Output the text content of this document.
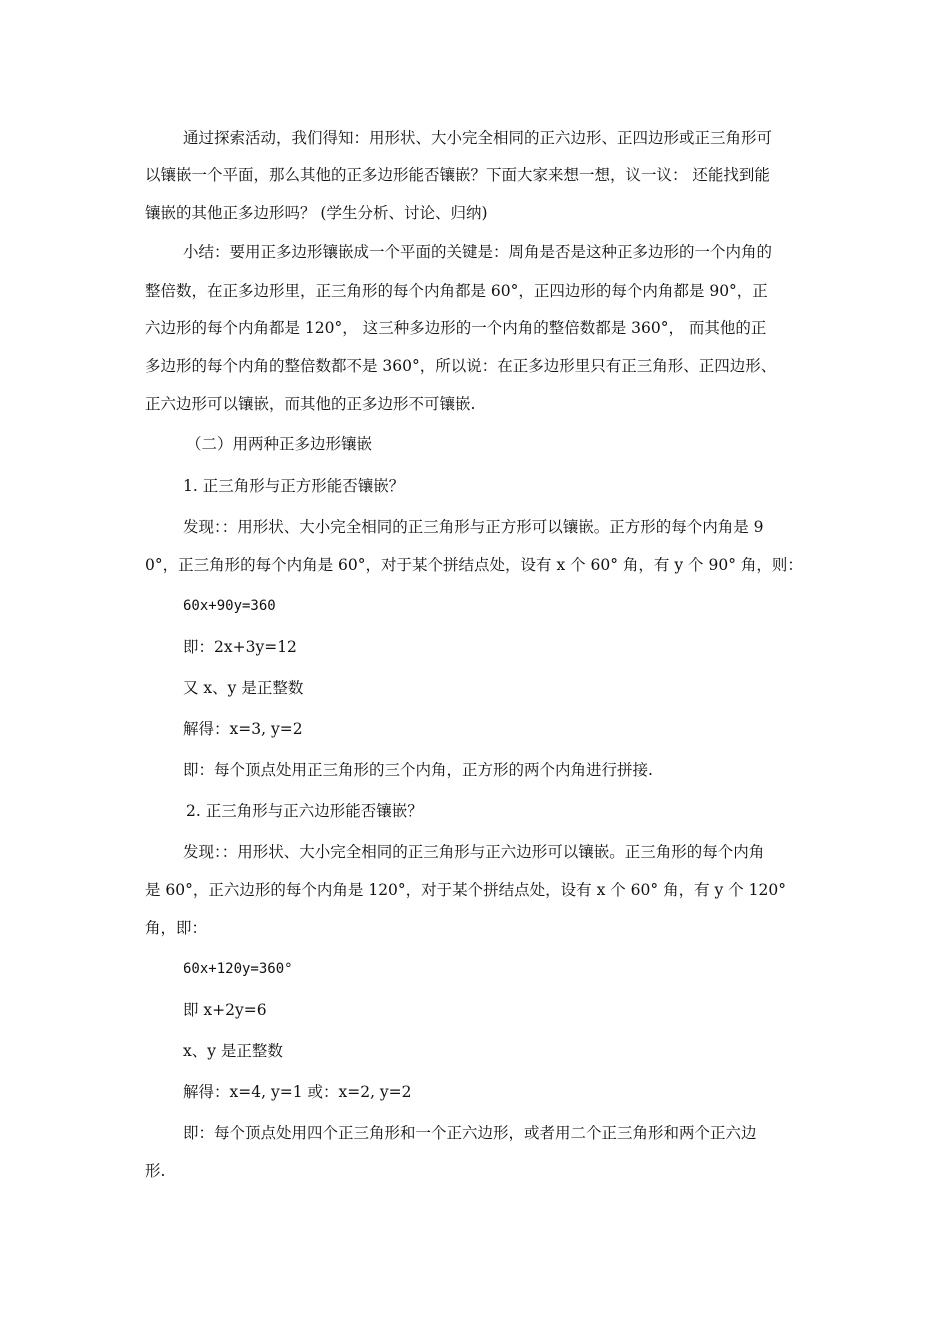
通过探索活动，我们得知：用形状、大小完全相同的正六边形、正四边形或正三角形可
以镶嵌一个平面，那么其他的正多边形能否镶嵌？下面大家来想一想，议一议： 还能找到能
镶嵌的其他正多边形吗？ (学生分析、讨论、归纳)
小结：要用正多边形镶嵌成一个平面的关键是：周角是否是这种正多边形的一个内角的
整倍数，在正多边形里，正三角形的每个内角都是 60°，正四边形的每个内角都是 90°，正
六边形的每个内角都是 120°， 这三种多边形的一个内角的整倍数都是 360°， 而其他的正
多边形的每个内角的整倍数都不是 360°，所以说：在正多边形里只有正三角形、正四边形、
正六边形可以镶嵌，而其他的正多边形不可镶嵌.
（二）用两种正多边形镶嵌
1. 正三角形与正方形能否镶嵌？
发现：：用形状、大小完全相同的正三角形与正方形可以镶嵌。正方形的每个内角是 9
0°，正三角形的每个内角是 60°，对于某个拼结点处，设有 x 个 60° 角，有 y 个 90° 角，则：
60x+90y=360
即：2x+3y=12
又 x、y 是正整数
解得：x=3, y=2
即：每个顶点处用正三角形的三个内角，正方形的两个内角进行拼接.
2. 正三角形与正六边形能否镶嵌？
发现：：用形状、大小完全相同的正三角形与正六边形可以镶嵌。正三角形的每个内角
是 60°，正六边形的每个内角是 120°，对于某个拼结点处，设有 x 个 60° 角，有 y 个 120°
角，即：
60x+120y=360°
即 x+2y=6
x、y 是正整数
解得：x=4, y=1 或：x=2, y=2
即：每个顶点处用四个正三角形和一个正六边形，或者用二个正三角形和两个正六边
形.
